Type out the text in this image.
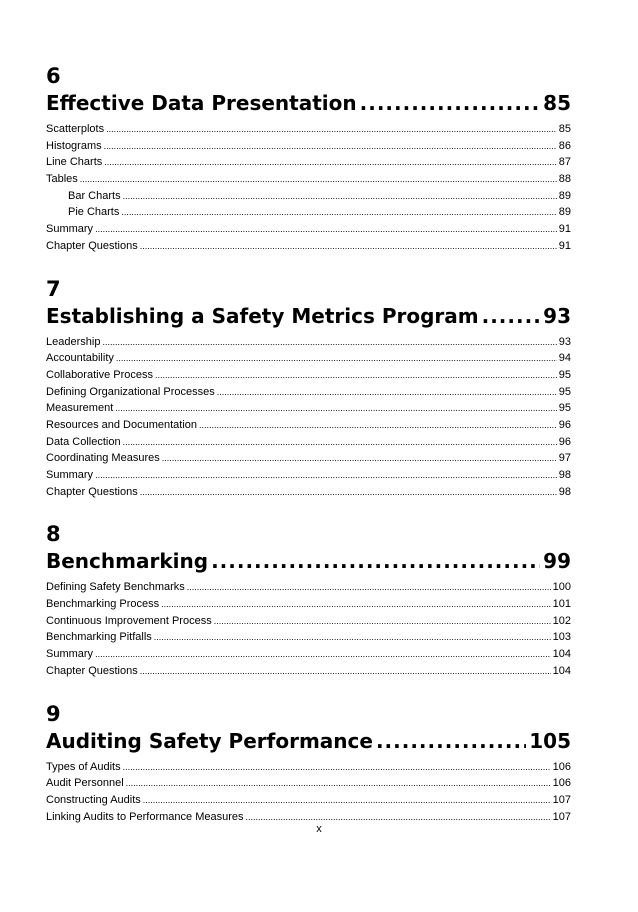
6
Effective Data Presentation .....	85
Scatterplots .....	85
Histograms .....	86
Line Charts .....	87
Tables .....	88
Bar Charts .....	89
Pie Charts .....	89
Summary .....	91
Chapter Questions .....	91
7
Establishing a Safety Metrics Program .....	93
Leadership .....	93
Accountability .....	94
Collaborative Process .....	95
Defining Organizational Processes .....	95
Measurement .....	95
Resources and Documentation .....	96
Data Collection .....	96
Coordinating Measures .....	97
Summary .....	98
Chapter Questions .....	98
8
Benchmarking .....	99
Defining Safety Benchmarks .....	100
Benchmarking Process .....	101
Continuous Improvement Process .....	102
Benchmarking Pitfalls .....	103
Summary .....	104
Chapter Questions .....	104
9
Auditing Safety Performance .....	105
Types of Audits .....	106
Audit Personnel .....	106
Constructing Audits .....	107
Linking Audits to Performance Measures .....	107
x
